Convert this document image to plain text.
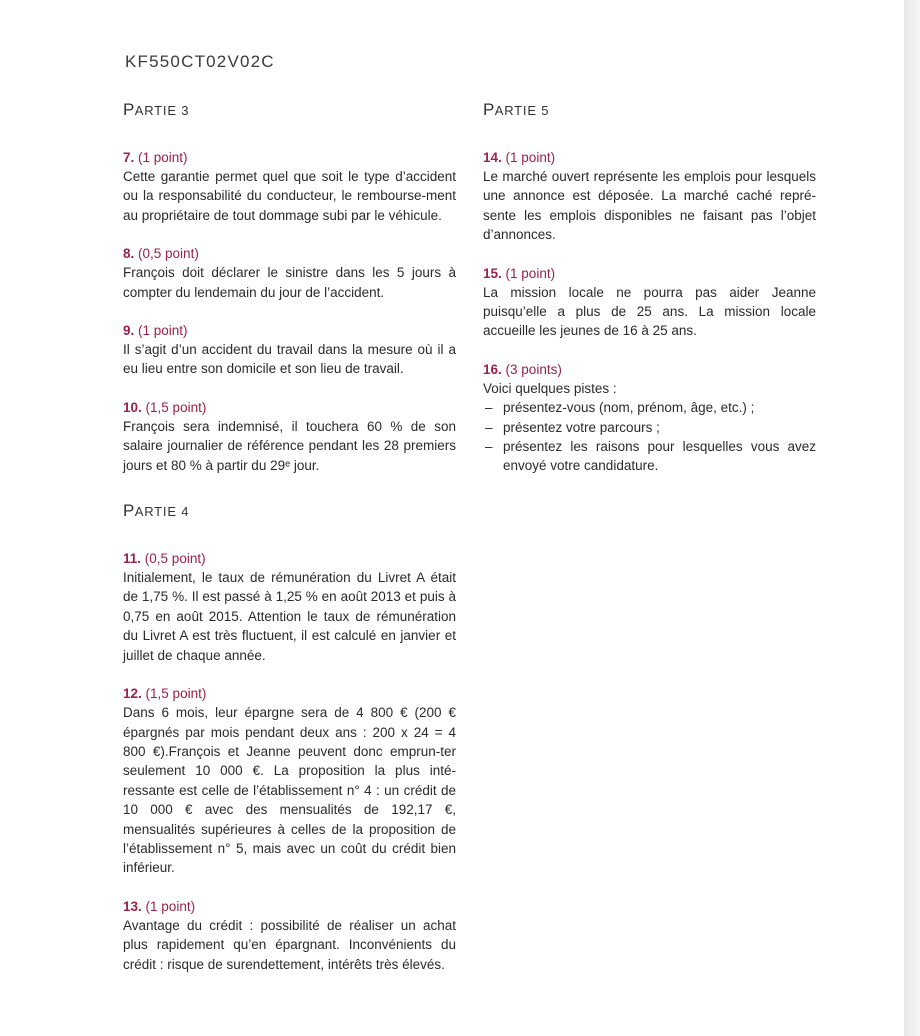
KF550CT02V02C
PARTIE 3
7. (1 point)
Cette garantie permet quel que soit le type d’accident ou la responsabilité du conducteur, le rembourse-ment au propriétaire de tout dommage subi par le véhicule.
8. (0,5 point)
François doit déclarer le sinistre dans les 5 jours à compter du lendemain du jour de l’accident.
9. (1 point)
Il s’agit d’un accident du travail dans la mesure où il a eu lieu entre son domicile et son lieu de travail.
10. (1,5 point)
François sera indemnisé, il touchera 60 % de son salaire journalier de référence pendant les 28 premiers jours et 80 % à partir du 29ᵉ jour.
PARTIE 4
11. (0,5 point)
Initialement, le taux de rémunération du Livret A était de 1,75 %. Il est passé à 1,25 % en août 2013 et puis à 0,75 en août 2015. Attention le taux de rémunération du Livret A est très fluctuent, il est calculé en janvier et juillet de chaque année.
12. (1,5 point)
Dans 6 mois, leur épargne sera de 4 800 € (200 € épargnés par mois pendant deux ans : 200 x 24 = 4 800 €).François et Jeanne peuvent donc emprun-ter seulement 10 000 €. La proposition la plus inté-ressante est celle de l’établissement n° 4 : un crédit de 10 000 € avec des mensualités de 192,17 €, mensualités supérieures à celles de la proposition de l’établissement n° 5, mais avec un coût du crédit bien inférieur.
13. (1 point)
Avantage du crédit : possibilité de réaliser un achat plus rapidement qu’en épargnant. Inconvénients du crédit : risque de surendettement, intérêts très élevés.
PARTIE 5
14. (1 point)
Le marché ouvert représente les emplois pour lesquels une annonce est déposée. La marché caché repré-sente les emplois disponibles ne faisant pas l’objet d’annonces.
15. (1 point)
La mission locale ne pourra pas aider Jeanne puisqu’elle a plus de 25 ans. La mission locale accueille les jeunes de 16 à 25 ans.
16. (3 points)
Voici quelques pistes :
– présentez-vous (nom, prénom, âge, etc.) ;
– présentez votre parcours ;
– présentez les raisons pour lesquelles vous avez envoyé votre candidature.
